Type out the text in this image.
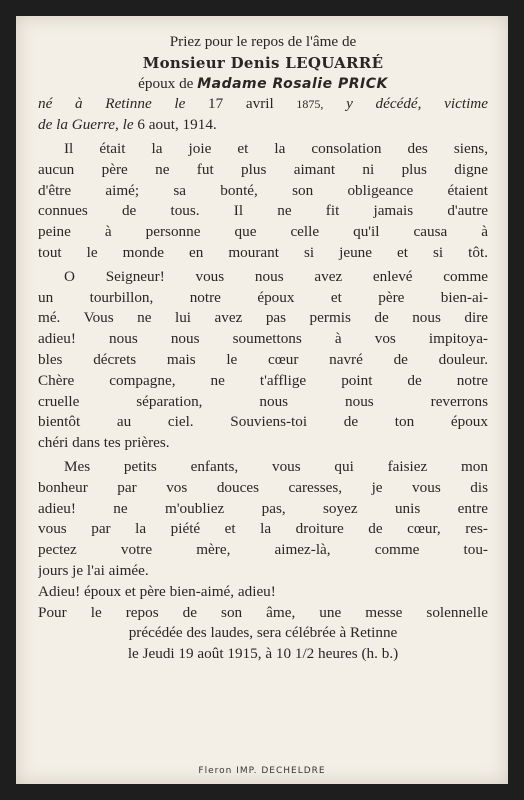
Priez pour le repos de l'âme de
Monsieur Denis LEQUARRÉ
époux de Madame Rosalie PRICK
né à Retinne le 17 avril 1875, y décédé, victime
de la Guerre, le 6 aout, 1914.
Il était la joie et la consolation des siens,
aucun père ne fut plus aimant ni plus digne
d'être aimé; sa bonté, son obligeance étaient
connues de tous. Il ne fit jamais d'autre
peine à personne que celle qu'il causa à
tout le monde en mourant si jeune et si tôt.
O Seigneur! vous nous avez enlevé comme
un tourbillon, notre époux et père bien-ai-
mé. Vous ne lui avez pas permis de nous dire
adieu! nous nous soumettons à vos impitoya-
bles décrets mais le cœur navré de douleur.
Chère compagne, ne t'afflige point de notre
cruelle séparation, nous nous reverrons
bientôt au ciel. Souviens-toi de ton époux
chéri dans tes prières.
Mes petits enfants, vous qui faisiez mon
bonheur par vos douces caresses, je vous dis
adieu! ne m'oubliez pas, soyez unis entre
vous par la piété et la droiture de cœur, res-
pectez votre mère, aimez-là, comme tou-
jours je l'ai aimée.
Adieu! époux et père bien-aimé, adieu!
Pour le repos de son âme, une messe solennelle
précédée des laudes, sera célébrée à Retinne
le Jeudi 19 août 1915, à 10 1/2 heures (h. b.)
Fleron IMP. DECHELDRE
